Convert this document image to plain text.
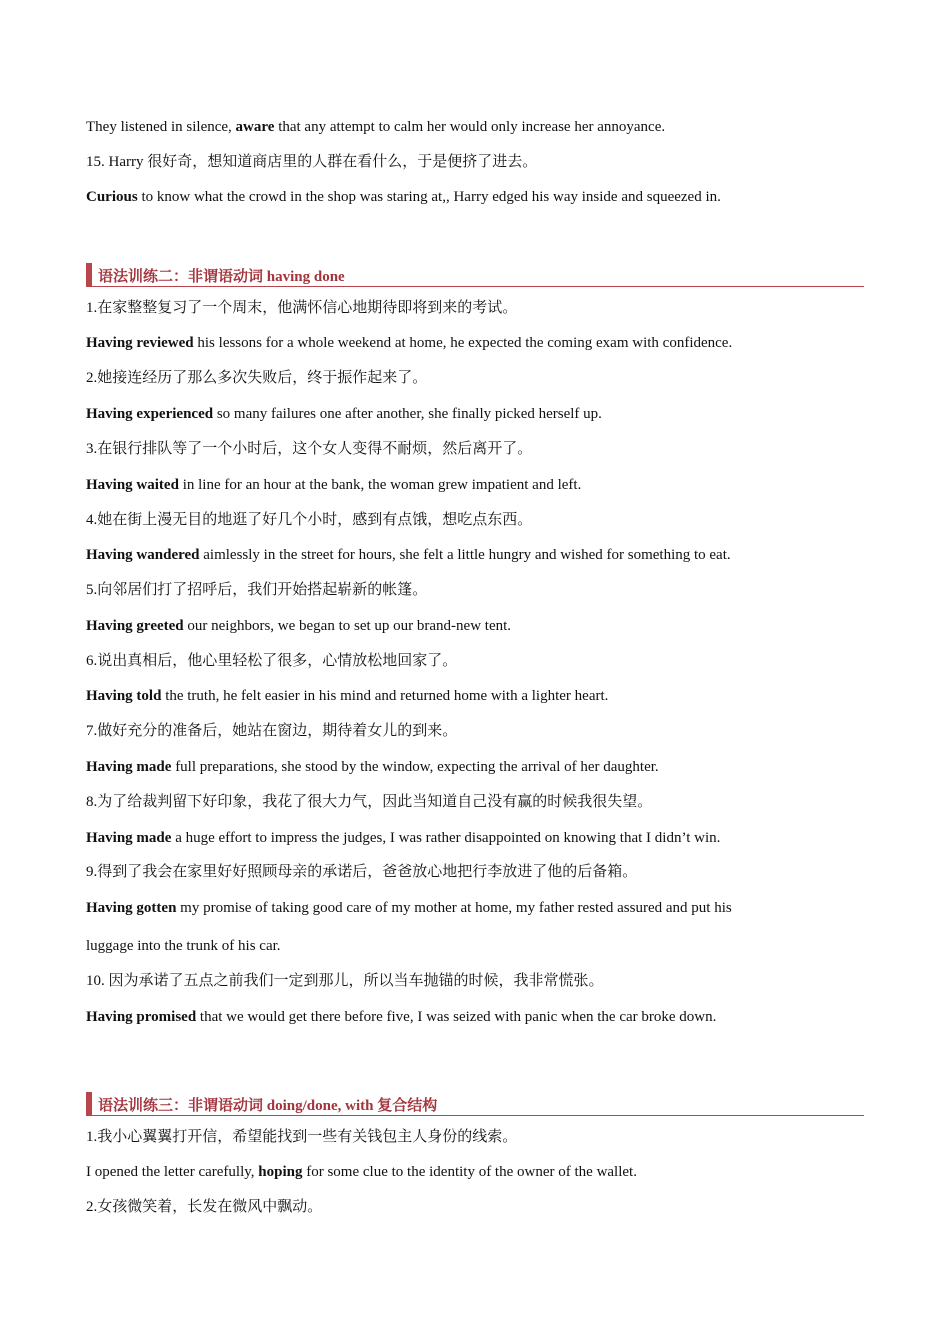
They listened in silence, aware that any attempt to calm her would only increase her annoyance.

15. Harry 很好奇，想知道商店里的人群在看什么，于是便挤了进去。

Curious to know what the crowd in the shop was staring at,, Harry edged his way inside and squeezed in.

语法训练二：非谓语动词 having done

1.在家整整复习了一个周末，他满怀信心地期待即将到来的考试。

Having reviewed his lessons for a whole weekend at home, he expected the coming exam with confidence.

2.她接连经历了那么多次失败后，终于振作起来了。

Having experienced so many failures one after another, she finally picked herself up.

3.在银行排队等了一个小时后，这个女人变得不耐烦，然后离开了。

Having waited in line for an hour at the bank, the woman grew impatient and left.

4.她在街上漫无目的地逛了好几个小时，感到有点饿，想吃点东西。

Having wandered aimlessly in the street for hours, she felt a little hungry and wished for something to eat.

5.向邻居们打了招呼后，我们开始搭起崭新的帐篷。

Having greeted our neighbors, we began to set up our brand-new tent.

6.说出真相后，他心里轻松了很多，心情放松地回家了。

Having told the truth, he felt easier in his mind and returned home with a lighter heart.

7.做好充分的准备后，她站在窗边，期待着女儿的到来。

Having made full preparations, she stood by the window, expecting the arrival of her daughter.

8.为了给裁判留下好印象，我花了很大力气，因此当知道自己没有赢的时候我很失望。

Having made a huge effort to impress the judges, I was rather disappointed on knowing that I didn’t win.

9.得到了我会在家里好好照顾母亲的承诺后，爸爸放心地把行李放进了他的后备箱。

Having gotten my promise of taking good care of my mother at home, my father rested assured and put his

luggage into the trunk of his car.

10. 因为承诺了五点之前我们一定到那儿，所以当车抛锚的时候，我非常慌张。

Having promised that we would get there before five, I was seized with panic when the car broke down.

语法训练三：非谓语动词 doing/done, with 复合结构

1.我小心翼翼打开信，希望能找到一些有关钱包主人身份的线索。

I opened the letter carefully, hoping for some clue to the identity of the owner of the wallet.

2.女孩微笑着，长发在微风中飘动。
